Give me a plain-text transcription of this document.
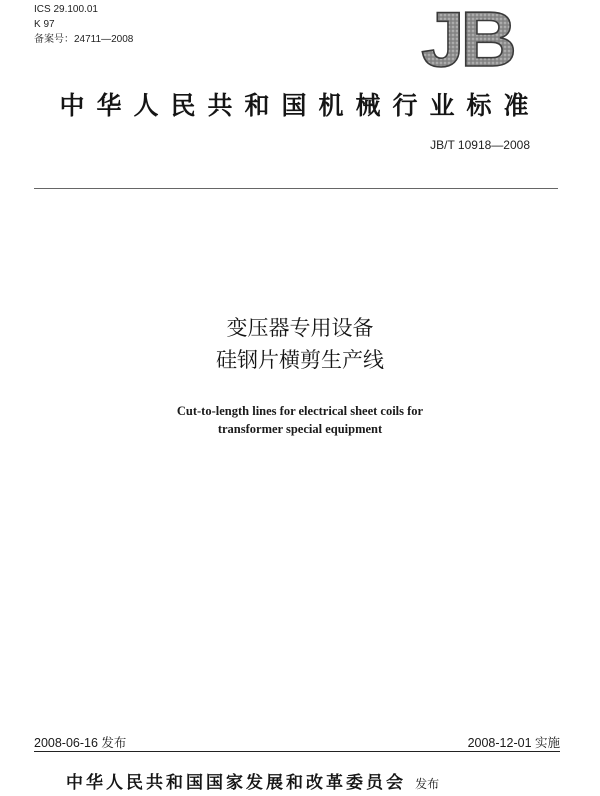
ICS 29.100.01
K 97
备案号：24711—2008	JB
中华人民共和国机械行业标准
JB/T 10918—2008
变压器专用设备
硅钢片横剪生产线
Cut-to-length lines for electrical sheet coils for
transformer special equipment
2008-06-16 发布	2008-12-01 实施
中华人民共和国国家发展和改革委员会 发布
